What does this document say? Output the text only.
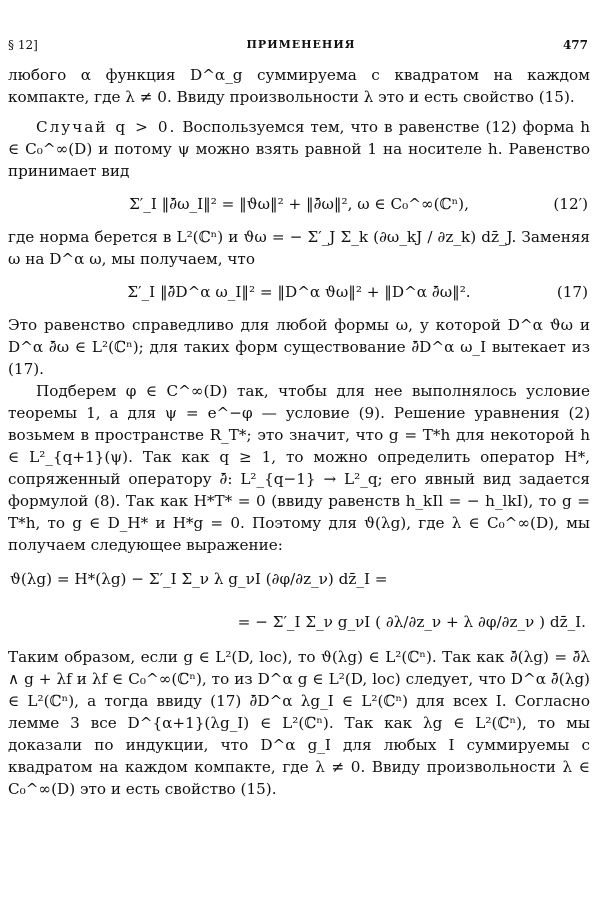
§ 12]	ПРИМЕНЕНИЯ	477

любого α функция D^α_g суммируема с квадратом на каждом компакте, где λ ≠ 0. Ввиду произвольности λ это и есть свойство (15).

Случай q > 0. Воспользуемся тем, что в равенстве (12) форма h ∈ C₀^∞(D) и потому ψ можно взять равной 1 на носителе h. Равенство принимает вид

Σ′_I ‖∂̄ω_I‖² = ‖ϑω‖² + ‖∂̄ω‖², ω ∈ C₀^∞(ℂⁿ),	(12′)

где норма берется в L²(ℂⁿ) и ϑω = − Σ′_J Σ_k (∂ω_kJ / ∂z_k) dz̄_J. Заменяя ω на D^α ω, мы получаем, что

Σ′_I ‖∂̄D^α ω_I‖² = ‖D^α ϑω‖² + ‖D^α ∂̄ω‖².	(17)

Это равенство справедливо для любой формы ω, у которой D^α ϑω и D^α ∂̄ω ∈ L²(ℂⁿ); для таких форм существование ∂̄D^α ω_I вытекает из (17).

Подберем φ ∈ C^∞(D) так, чтобы для нее выполнялось условие теоремы 1, а для ψ = e^−φ — условие (9). Решение уравнения (2) возьмем в пространстве R_T*; это значит, что g = T*h для некоторой h ∈ L²_{q+1}(ψ). Так как q ≥ 1, то можно определить оператор H*, сопряженный оператору ∂̄: L²_{q−1} → L²_q; его явный вид задается формулой (8). Так как H*T* = 0 (ввиду равенств h_kIl = − h_lkI), то g = T*h, то g ∈ D_H* и H*g = 0. Поэтому для ϑ(λg), где λ ∈ C₀^∞(D), мы получаем следующее выражение:

ϑ(λg) = H*(λg) − Σ′_I Σ_ν λ g_νI (∂φ/∂z_ν) dz̄_I =
= − Σ′_I Σ_ν g_νI ( ∂λ/∂z_ν + λ ∂φ/∂z_ν ) dz̄_I.

Таким образом, если g ∈ L²(D, loc), то ϑ(λg) ∈ L²(ℂⁿ). Так как ∂̄(λg) = ∂̄λ ∧ g + λf и λf ∈ C₀^∞(ℂⁿ), то из D^α g ∈ L²(D, loc) следует, что D^α ∂̄(λg) ∈ L²(ℂⁿ), а тогда ввиду (17) ∂̄D^α λg_I ∈ L²(ℂⁿ) для всех I. Согласно лемме 3 все D^{α+1}(λg_I) ∈ L²(ℂⁿ). Так как λg ∈ L²(ℂⁿ), то мы доказали по индукции, что D^α g_I для любых I суммируемы с квадратом на каждом компакте, где λ ≠ 0. Ввиду произвольности λ ∈ C₀^∞(D) это и есть свойство (15).
